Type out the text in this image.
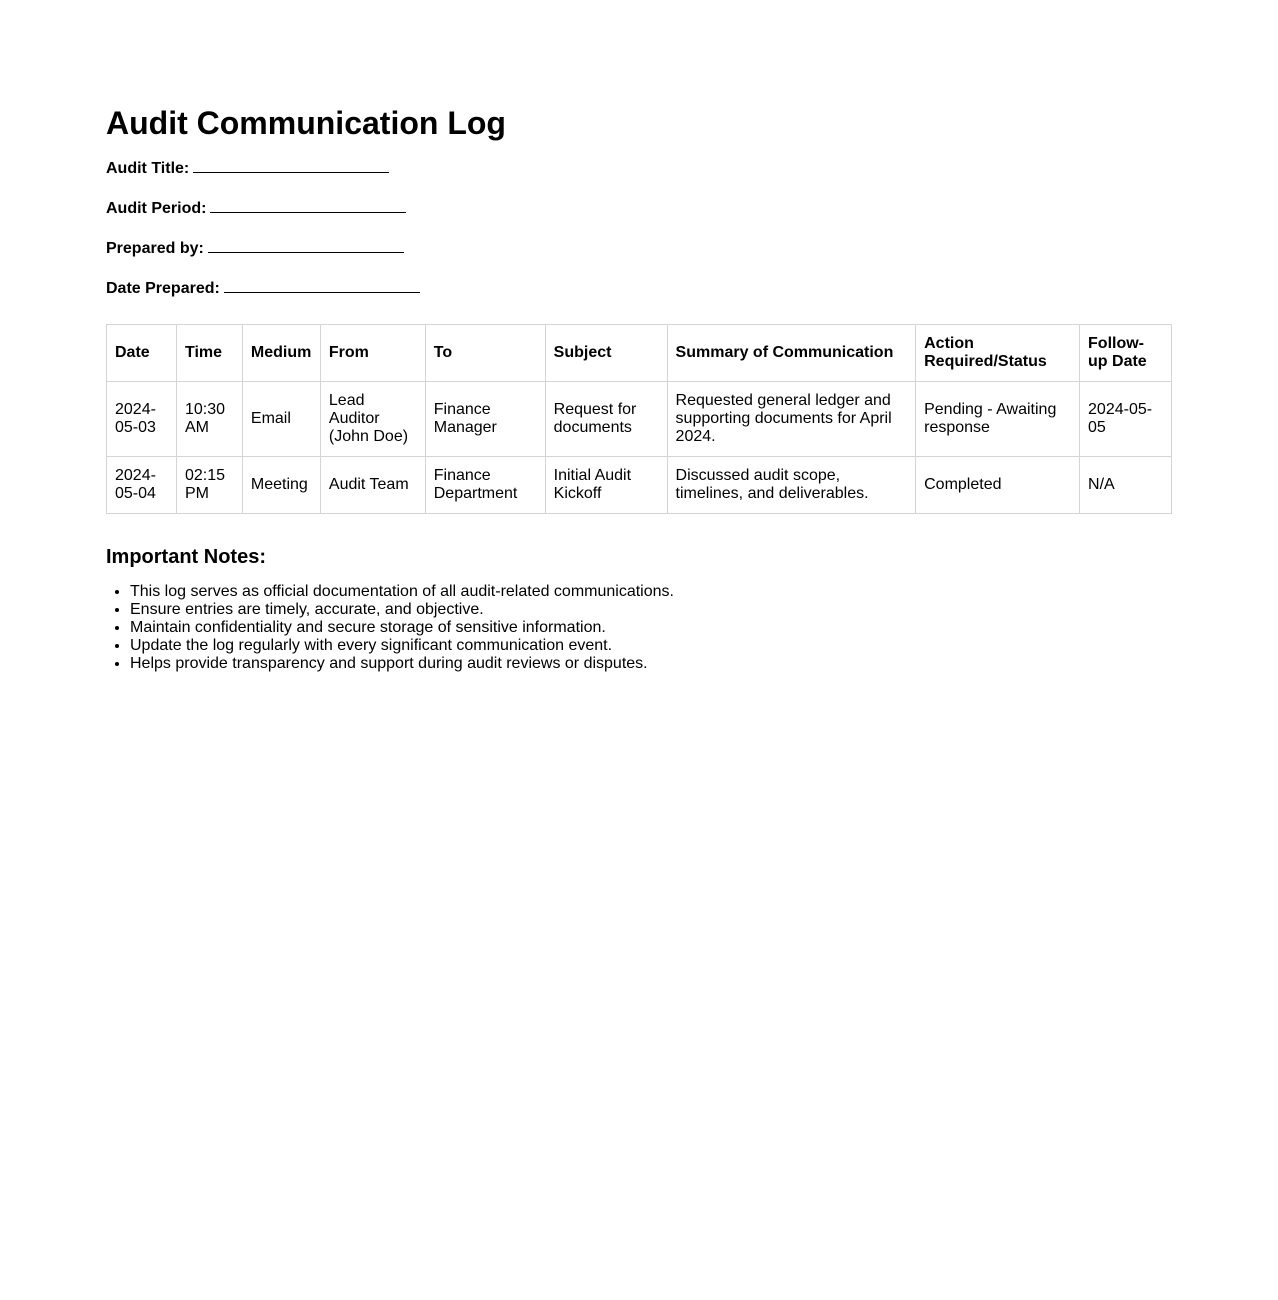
Audit Communication Log
Audit Title:
Audit Period:
Prepared by:
Date Prepared:
Date	Time	Medium	From	To	Subject	Summary of Communication	Action Required/Status	Follow-up Date
2024-05-03	10:30 AM	Email	Lead Auditor (John Doe)	Finance Manager	Request for documents	Requested general ledger and supporting documents for April 2024.	Pending - Awaiting response	2024-05-05
2024-05-04	02:15 PM	Meeting	Audit Team	Finance Department	Initial Audit Kickoff	Discussed audit scope, timelines, and deliverables.	Completed	N/A
Important Notes:
• This log serves as official documentation of all audit-related communications.
• Ensure entries are timely, accurate, and objective.
• Maintain confidentiality and secure storage of sensitive information.
• Update the log regularly with every significant communication event.
• Helps provide transparency and support during audit reviews or disputes.
